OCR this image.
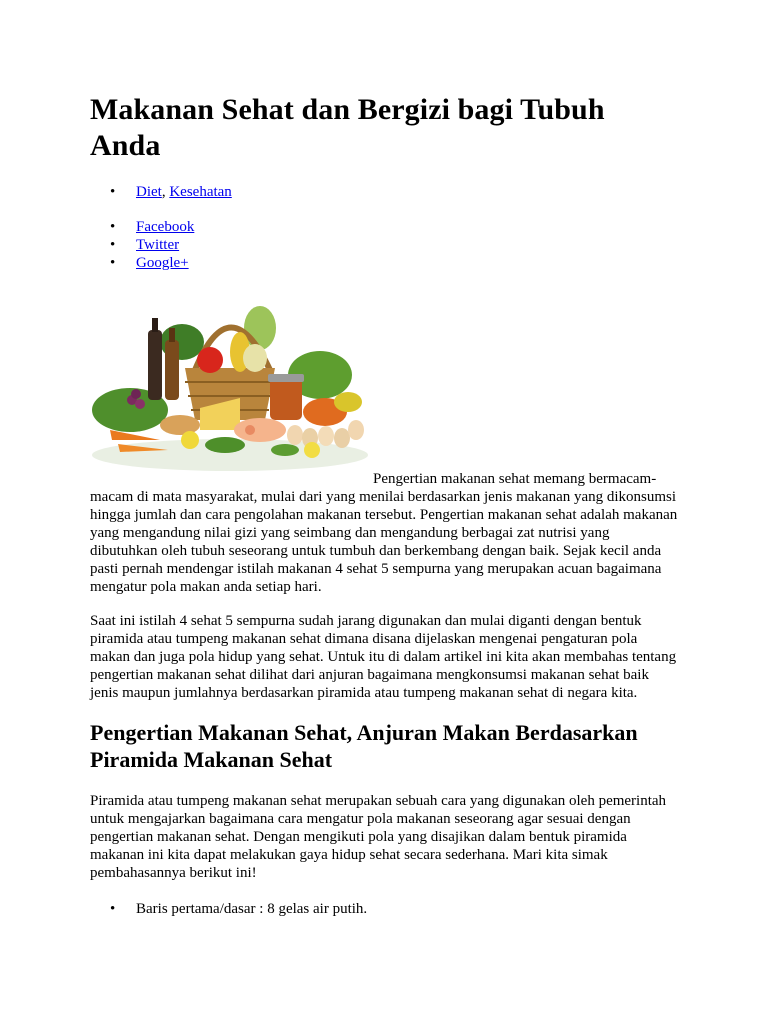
Makanan Sehat dan Bergizi bagi Tubuh Anda
• Diet, Kesehatan
• Facebook
• Twitter
• Google+

Pengertian makanan sehat memang bermacam-
macam di mata masyarakat, mulai dari yang menilai berdasarkan jenis makanan yang dikonsumsi hingga jumlah dan cara pengolahan makanan tersebut. Pengertian makanan sehat adalah makanan yang mengandung nilai gizi yang seimbang dan mengandung berbagai zat nutrisi yang dibutuhkan oleh tubuh seseorang untuk tumbuh dan berkembang dengan baik. Sejak kecil anda pasti pernah mendengar istilah makanan 4 sehat 5 sempurna yang merupakan acuan bagaimana mengatur pola makan anda setiap hari.

Saat ini istilah 4 sehat 5 sempurna sudah jarang digunakan dan mulai diganti dengan bentuk piramida atau tumpeng makanan sehat dimana disana dijelaskan mengenai pengaturan pola makan dan juga pola hidup yang sehat. Untuk itu di dalam artikel ini kita akan membahas tentang pengertian makanan sehat dilihat dari anjuran bagaimana mengkonsumsi makanan sehat baik jenis maupun jumlahnya berdasarkan piramida atau tumpeng makanan sehat di negara kita.

Pengertian Makanan Sehat, Anjuran Makan Berdasarkan Piramida Makanan Sehat

Piramida atau tumpeng makanan sehat merupakan sebuah cara yang digunakan oleh pemerintah untuk mengajarkan bagaimana cara mengatur pola makanan seseorang agar sesuai dengan pengertian makanan sehat. Dengan mengikuti pola yang disajikan dalam bentuk piramida makanan ini kita dapat melakukan gaya hidup sehat secara sederhana. Mari kita simak pembahasannya berikut ini!

• Baris pertama/dasar : 8 gelas air putih.
